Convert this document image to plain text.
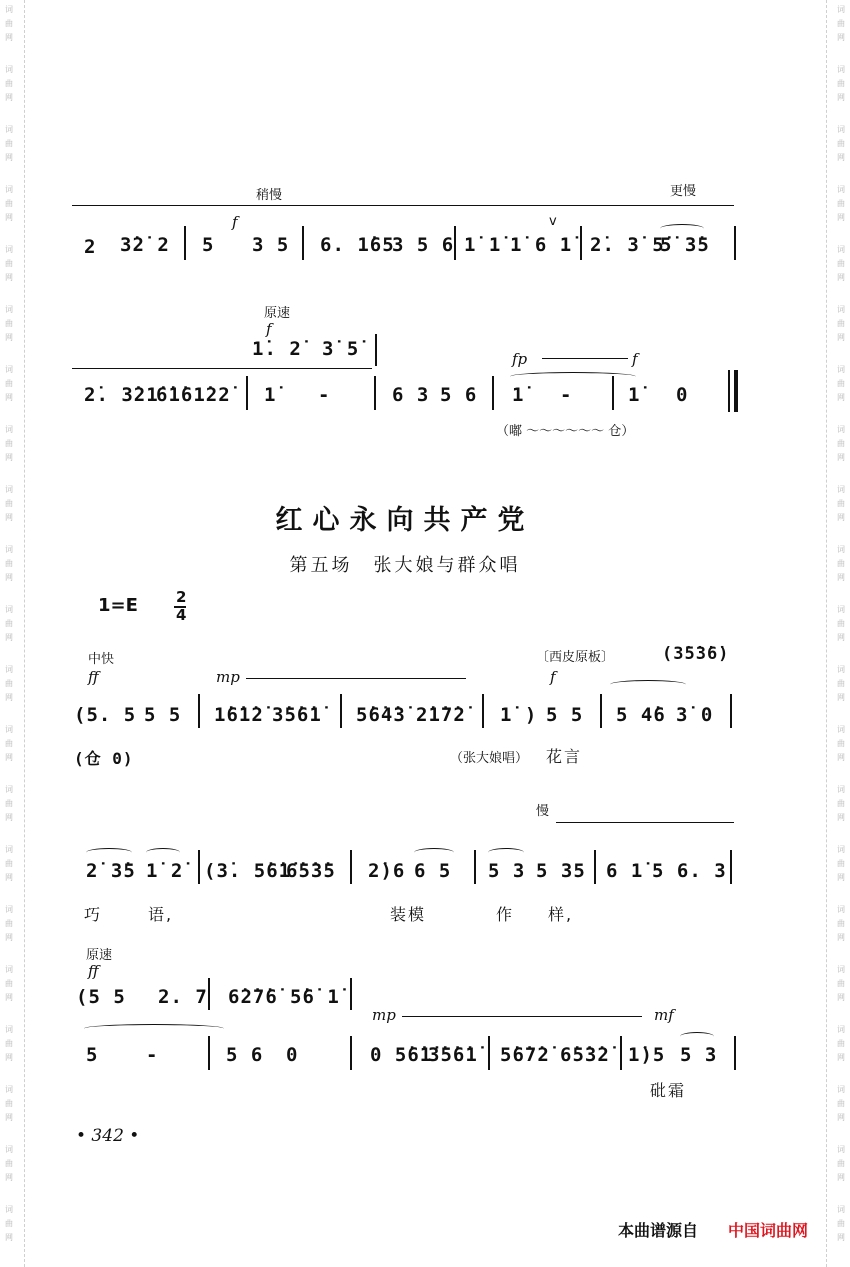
词
曲
网
词
曲
网
词
曲
网
词
曲
网
词
曲
网
词
曲
网
词
曲
网
词
曲
网
词
曲
网
词
曲
网
词
曲
网
词
曲
网
词
曲
网
词
曲
网
词
曲
网
词
曲
网
词
曲
网
词
曲
网
词
曲
网
词
曲
网
词
曲
网
词
曲
网
词
曲
网
词
曲
网
词
曲
网
词
曲
网
词
曲
网
词
曲
网
词
曲
网
词
曲
网
词
曲
网
词
曲
网
词
曲
网
词
曲
网
词
曲
网
词
曲
网
词
曲
网
词
曲
网
词
曲
网
词
曲
网
词
曲
网
词
曲
网
稍慢	更慢
f	v
2 3̇2̇ 2 5 3 5 6. 1̇65
3 5 6 1̇ 1̇ 1̇ 6 1̇ 2̇. 3̇ 5̇
5̇ 3̇5
原速
f
1̇. 2̇ 3̇ 5̇	fp	f
2̇. 3̇21̇
6̇1̇61̇22̇ 1̇ -	6 3 5 6 1̇ -	1̇ 0
（嘟 ～～～～～～ 仓）
红心永向共产党
第五场　张大娘与群众唱
1=E	2
4
中快
ff	mp
〔西皮原板〕
f
(3̇5̇3̇6̇)
(5. 5 5 5 1̇6̇1̇2̇ 3̇5̇6̇1̇ 5̇6̇4̇3̇ 2̇1̇7̇2̇ 1̇ ) 5 5 5 4̇6 3̇ 0
(仓 0)	（张大娘唱） 花言
慢
2̇ 3̇5 1̇ 2̇ (3̇. 5̇6̇1̇
6̇5̇3̇5 2̇)6 6 5 5 3 5 35 6 1̇ 5 6. 3
巧	语,	装模	作 样,
原速
ff
(5 5 2. 7 6̇2̇7̇6̇ 5̇6̇ 1̇
mp	mf
5	-	5 6 0	0 5̇6̇1̇
3̇5̇6̇1̇ 5̇6̇7̇2̇ 6̇5̇3̇2̇ 1̇)5 5 3
砒霜
• 342 •
本曲谱源自 中国词曲网
